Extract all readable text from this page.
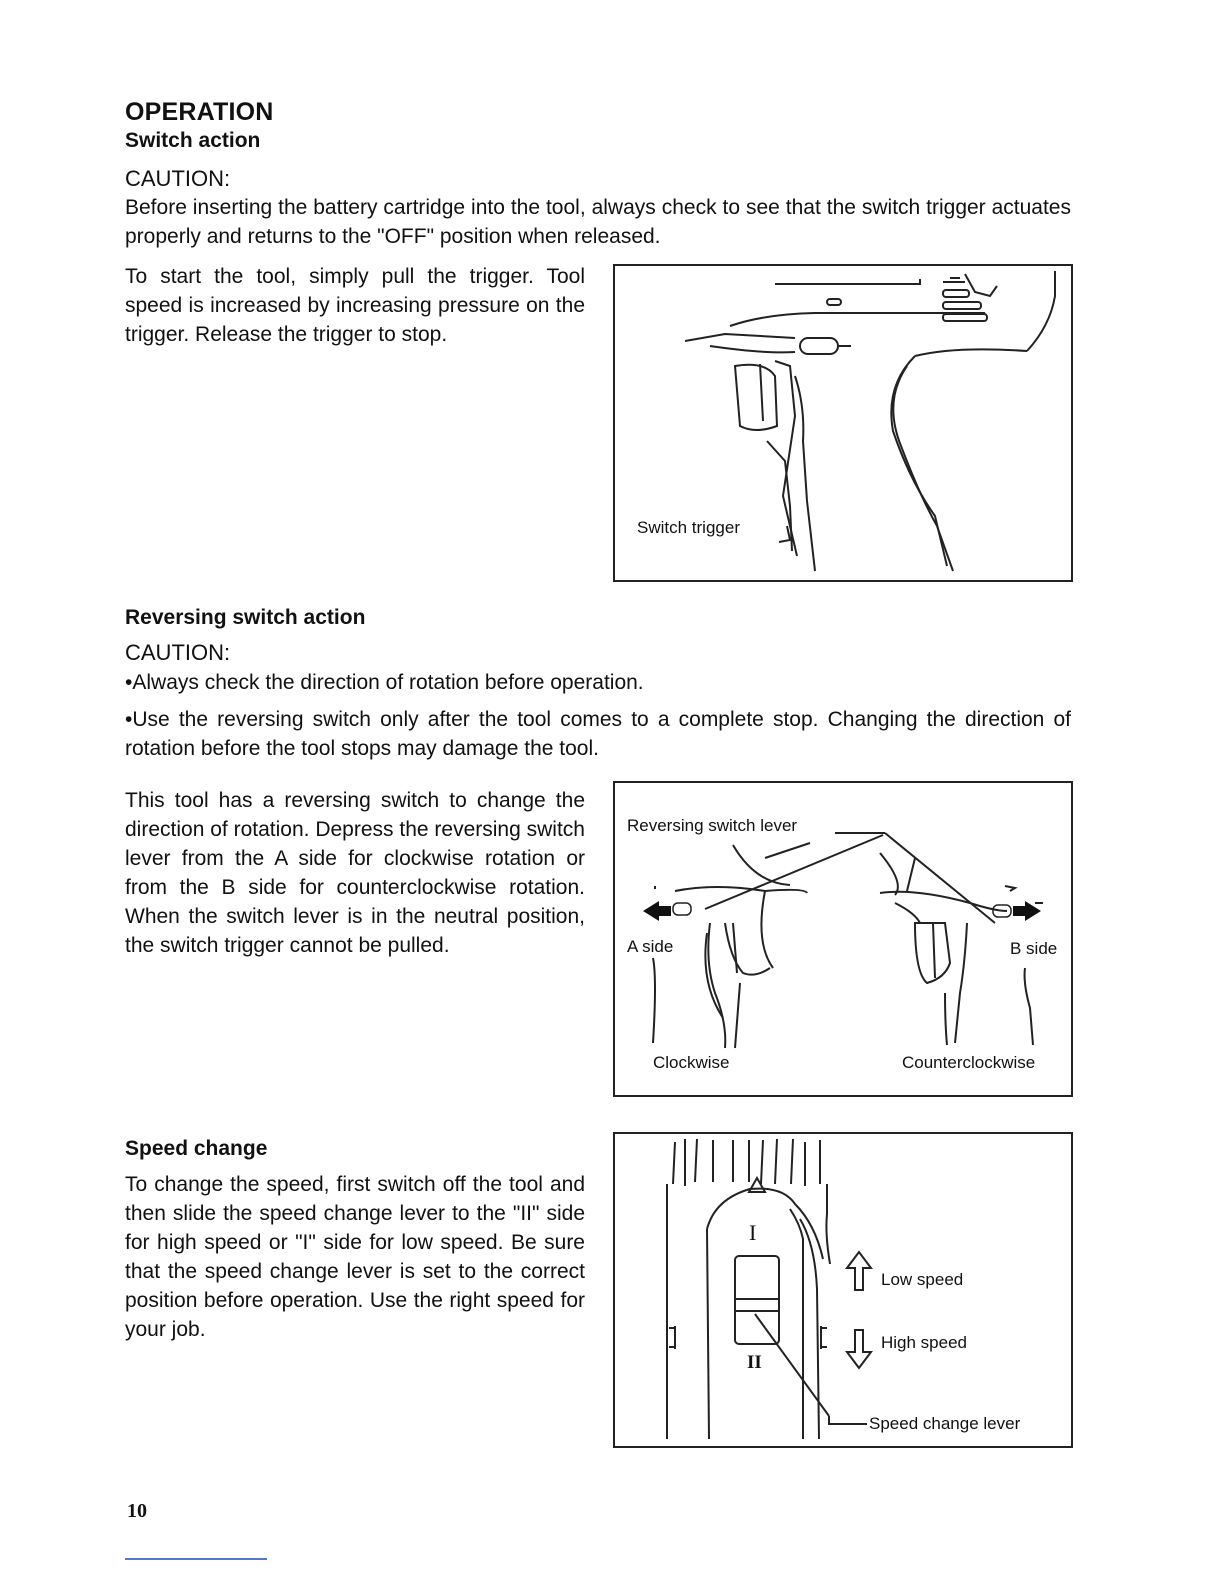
OPERATION
Switch action
CAUTION:
Before inserting the battery cartridge into the tool, always check to see that the switch trigger actuates properly and returns to the "OFF" position when released.
To start the tool, simply pull the trigger. Tool speed is increased by increasing pressure on the trigger. Release the trigger to stop.
Switch trigger
Reversing switch action
CAUTION:
•Always check the direction of rotation before operation.
•Use the reversing switch only after the tool comes to a complete stop. Changing the direction of rotation before the tool stops may damage the tool.
This tool has a reversing switch to change the direction of rotation. Depress the reversing switch lever from the A side for clockwise rotation or from the B side for counterclockwise rotation. When the switch lever is in the neutral position, the switch trigger cannot be pulled.
Reversing switch lever
A side	B side
Clockwise	Counterclockwise
Speed change
To change the speed, first switch off the tool and then slide the speed change lever to the "II" side for high speed or "I" side for low speed. Be sure that the speed change lever is set to the correct position before operation. Use the right speed for your job.
I
II
Low speed
High speed
Speed change lever
10
